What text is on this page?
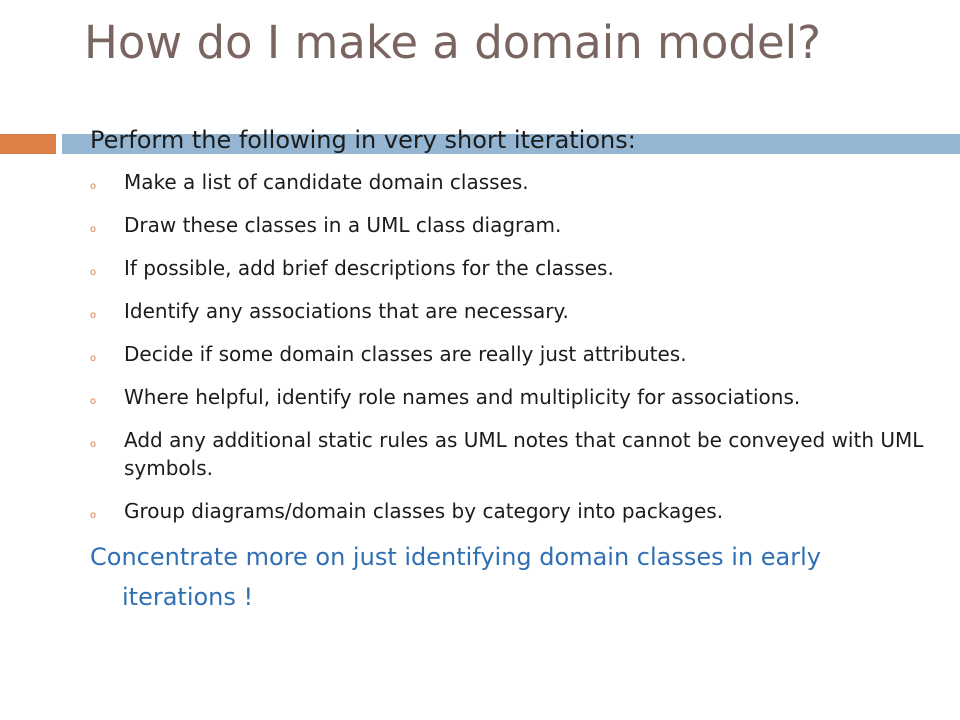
How do I make a domain model?

Perform the following in very short iterations:

o Make a list of candidate domain classes.
o Draw these classes in a UML class diagram.
o If possible, add brief descriptions for the classes.
o Identify any associations that are necessary.
o Decide if some domain classes are really just attributes.
o Where helpful, identify role names and multiplicity for associations.
o Add any additional static rules as UML notes that cannot be conveyed with UML symbols.
o Group diagrams/domain classes by category into packages.
Concentrate more on just identifying domain classes in early iterations !
